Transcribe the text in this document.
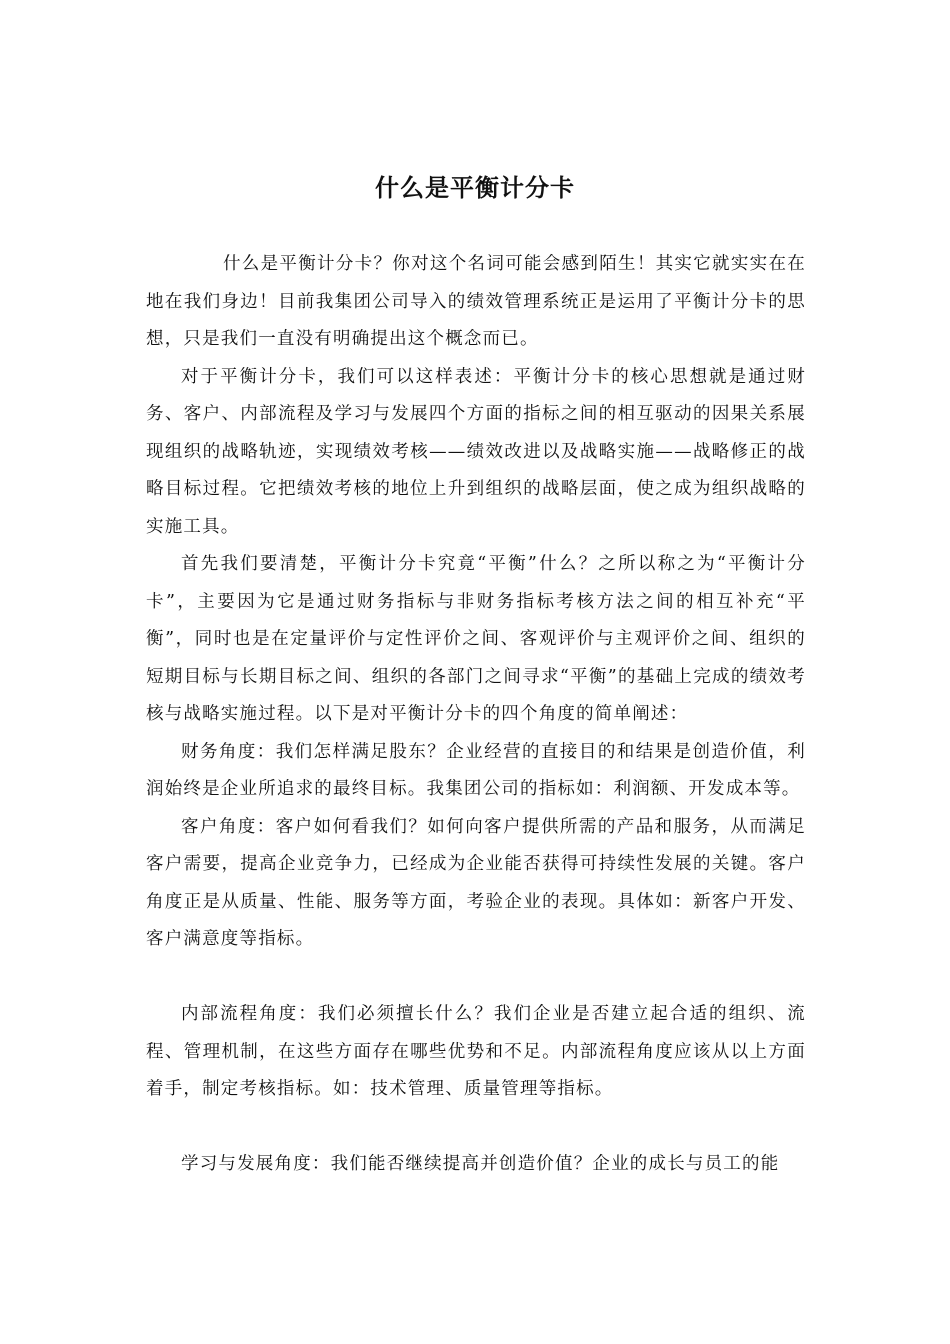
什么是平衡计分卡

什么是平衡计分卡？你对这个名词可能会感到陌生！其实它就实实在在地在我们身边！目前我集团公司导入的绩效管理系统正是运用了平衡计分卡的思想，只是我们一直没有明确提出这个概念而已。

对于平衡计分卡，我们可以这样表述：平衡计分卡的核心思想就是通过财务、客户、内部流程及学习与发展四个方面的指标之间的相互驱动的因果关系展现组织的战略轨迹，实现绩效考核——绩效改进以及战略实施——战略修正的战略目标过程。它把绩效考核的地位上升到组织的战略层面，使之成为组织战略的实施工具。

首先我们要清楚，平衡计分卡究竟“平衡”什么？之所以称之为“平衡计分卡”，主要因为它是通过财务指标与非财务指标考核方法之间的相互补充“平衡”，同时也是在定量评价与定性评价之间、客观评价与主观评价之间、组织的短期目标与长期目标之间、组织的各部门之间寻求“平衡”的基础上完成的绩效考核与战略实施过程。以下是对平衡计分卡的四个角度的简单阐述：

财务角度：我们怎样满足股东？企业经营的直接目的和结果是创造价值，利润始终是企业所追求的最终目标。我集团公司的指标如：利润额、开发成本等。

客户角度：客户如何看我们？如何向客户提供所需的产品和服务，从而满足客户需要，提高企业竞争力，已经成为企业能否获得可持续性发展的关键。客户角度正是从质量、性能、服务等方面，考验企业的表现。具体如：新客户开发、客户满意度等指标。

内部流程角度：我们必须擅长什么？我们企业是否建立起合适的组织、流程、管理机制，在这些方面存在哪些优势和不足。内部流程角度应该从以上方面着手，制定考核指标。如：技术管理、质量管理等指标。

学习与发展角度：我们能否继续提高并创造价值？企业的成长与员工的能
